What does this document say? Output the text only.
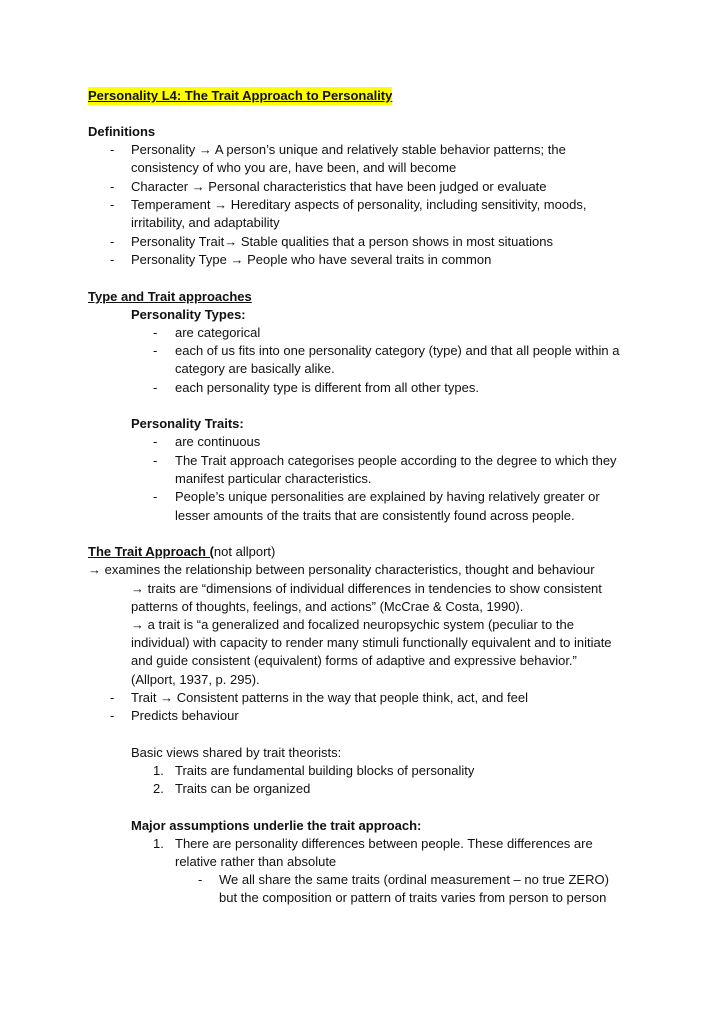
Personality L4: The Trait Approach to Personality
Definitions
- Personality → A person’s unique and relatively stable behavior patterns; the
consistency of who you are, have been, and will become
- Character → Personal characteristics that have been judged or evaluate
- Temperament → Hereditary aspects of personality, including sensitivity, moods,
irritability, and adaptability
- Personality Trait→ Stable qualities that a person shows in most situations
- Personality Type → People who have several traits in common
Type and Trait approaches
Personality Types:
- are categorical
- each of us fits into one personality category (type) and that all people within a
category are basically alike.
- each personality type is different from all other types.
Personality Traits:
- are continuous
- The Trait approach categorises people according to the degree to which they
manifest particular characteristics.
- People’s unique personalities are explained by having relatively greater or
lesser amounts of the traits that are consistently found across people.
The Trait Approach (not allport)
→ examines the relationship between personality characteristics, thought and behaviour
→ traits are “dimensions of individual differences in tendencies to show consistent
patterns of thoughts, feelings, and actions” (McCrae & Costa, 1990).
→ a trait is “a generalized and focalized neuropsychic system (peculiar to the
individual) with capacity to render many stimuli functionally equivalent and to initiate
and guide consistent (equivalent) forms of adaptive and expressive behavior.”
(Allport, 1937, p. 295).
- Trait → Consistent patterns in the way that people think, act, and feel
- Predicts behaviour
Basic views shared by trait theorists:
1. Traits are fundamental building blocks of personality
2. Traits can be organized
Major assumptions underlie the trait approach:
1. There are personality differences between people. These differences are
relative rather than absolute
- We all share the same traits (ordinal measurement – no true ZERO)
but the composition or pattern of traits varies from person to person
